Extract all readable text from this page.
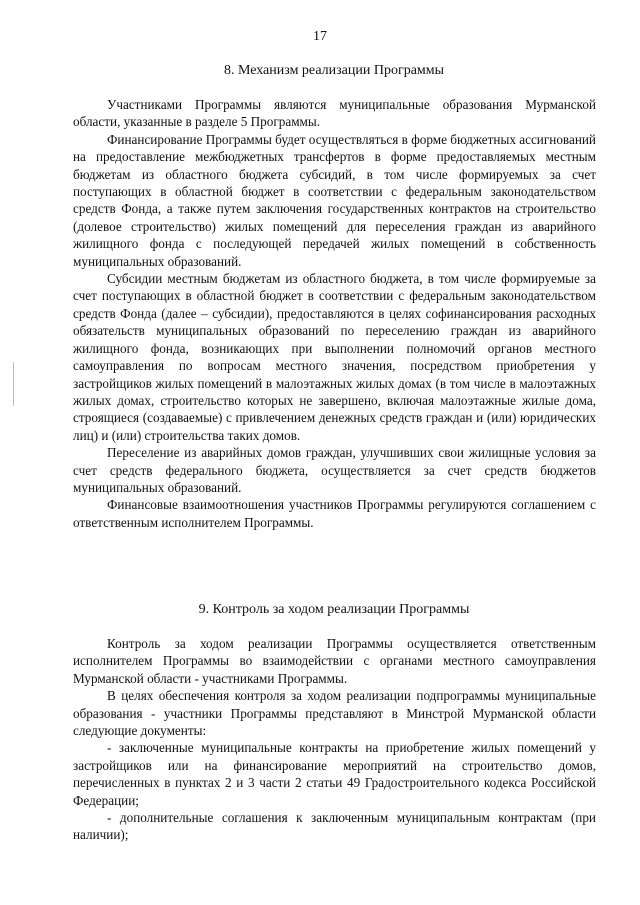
17
8. Механизм реализации Программы

Участниками Программы являются муниципальные образования Мурманской области, указанные в разделе 5 Программы.

Финансирование Программы будет осуществляться в форме бюджетных ассигнований на предоставление межбюджетных трансфертов в форме предоставляемых местным бюджетам из областного бюджета субсидий, в том числе формируемых за счет поступающих в областной бюджет в соответствии с федеральным законодательством средств Фонда, а также путем заключения государственных контрактов на строительство (долевое строительство) жилых помещений для переселения граждан из аварийного жилищного фонда с последующей передачей жилых помещений в собственность муниципальных образований.

Субсидии местным бюджетам из областного бюджета, в том числе формируемые за счет поступающих в областной бюджет в соответствии с федеральным законодательством средств Фонда (далее – субсидии), предоставляются в целях софинансирования расходных обязательств муниципальных образований по переселению граждан из аварийного жилищного фонда, возникающих при выполнении полномочий органов местного самоуправления по вопросам местного значения, посредством приобретения у застройщиков жилых помещений в малоэтажных жилых домах (в том числе в малоэтажных жилых домах, строительство которых не завершено, включая малоэтажные жилые дома, строящиеся (создаваемые) с привлечением денежных средств граждан и (или) юридических лиц) и (или) строительства таких домов.

Переселение из аварийных домов граждан, улучшивших свои жилищные условия за счет средств федерального бюджета, осуществляется за счет средств бюджетов муниципальных образований.

Финансовые взаимоотношения участников Программы регулируются соглашением с ответственным исполнителем Программы.

9. Контроль за ходом реализации Программы

Контроль за ходом реализации Программы осуществляется ответственным исполнителем Программы во взаимодействии с органами местного самоуправления Мурманской области - участниками Программы.

В целях обеспечения контроля за ходом реализации подпрограммы муниципальные образования - участники Программы представляют в Минстрой Мурманской области следующие документы:

- заключенные муниципальные контракты на приобретение жилых помещений у застройщиков или на финансирование мероприятий на строительство домов, перечисленных в пунктах 2 и 3 части 2 статьи 49 Градостроительного кодекса Российской Федерации;

- дополнительные соглашения к заключенным муниципальным контрактам (при наличии);
